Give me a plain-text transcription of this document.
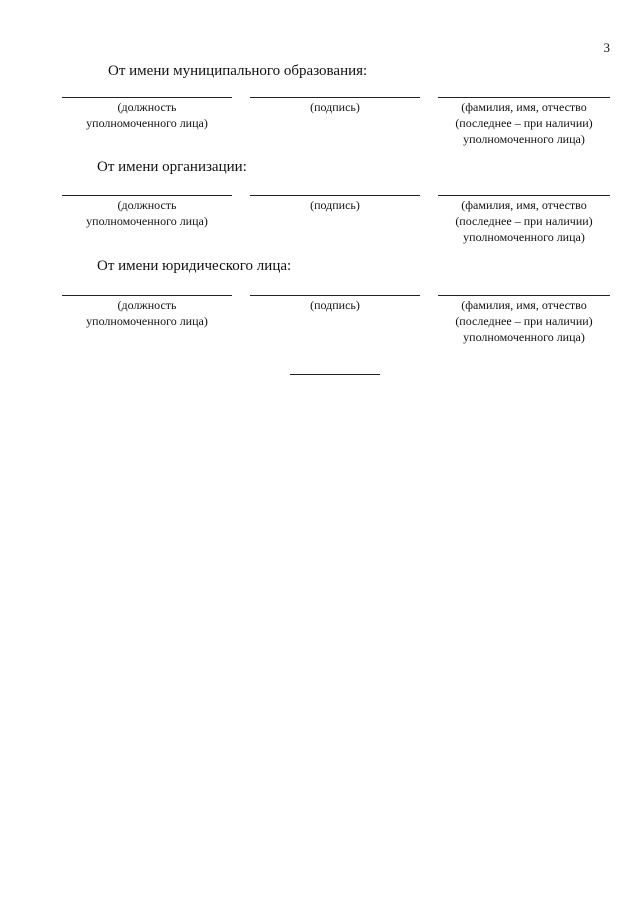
3
От имени муниципального образования:
(должность
уполномоченного лица)
(подпись)	(фамилия, имя, отчество
(последнее – при наличии)
уполномоченного лица)
От имени организации:
(должность
уполномоченного лица)
(подпись)	(фамилия, имя, отчество
(последнее – при наличии)
уполномоченного лица)
От имени юридического лица:
(должность
уполномоченного лица)
(подпись)	(фамилия, имя, отчество
(последнее – при наличии)
уполномоченного лица)
